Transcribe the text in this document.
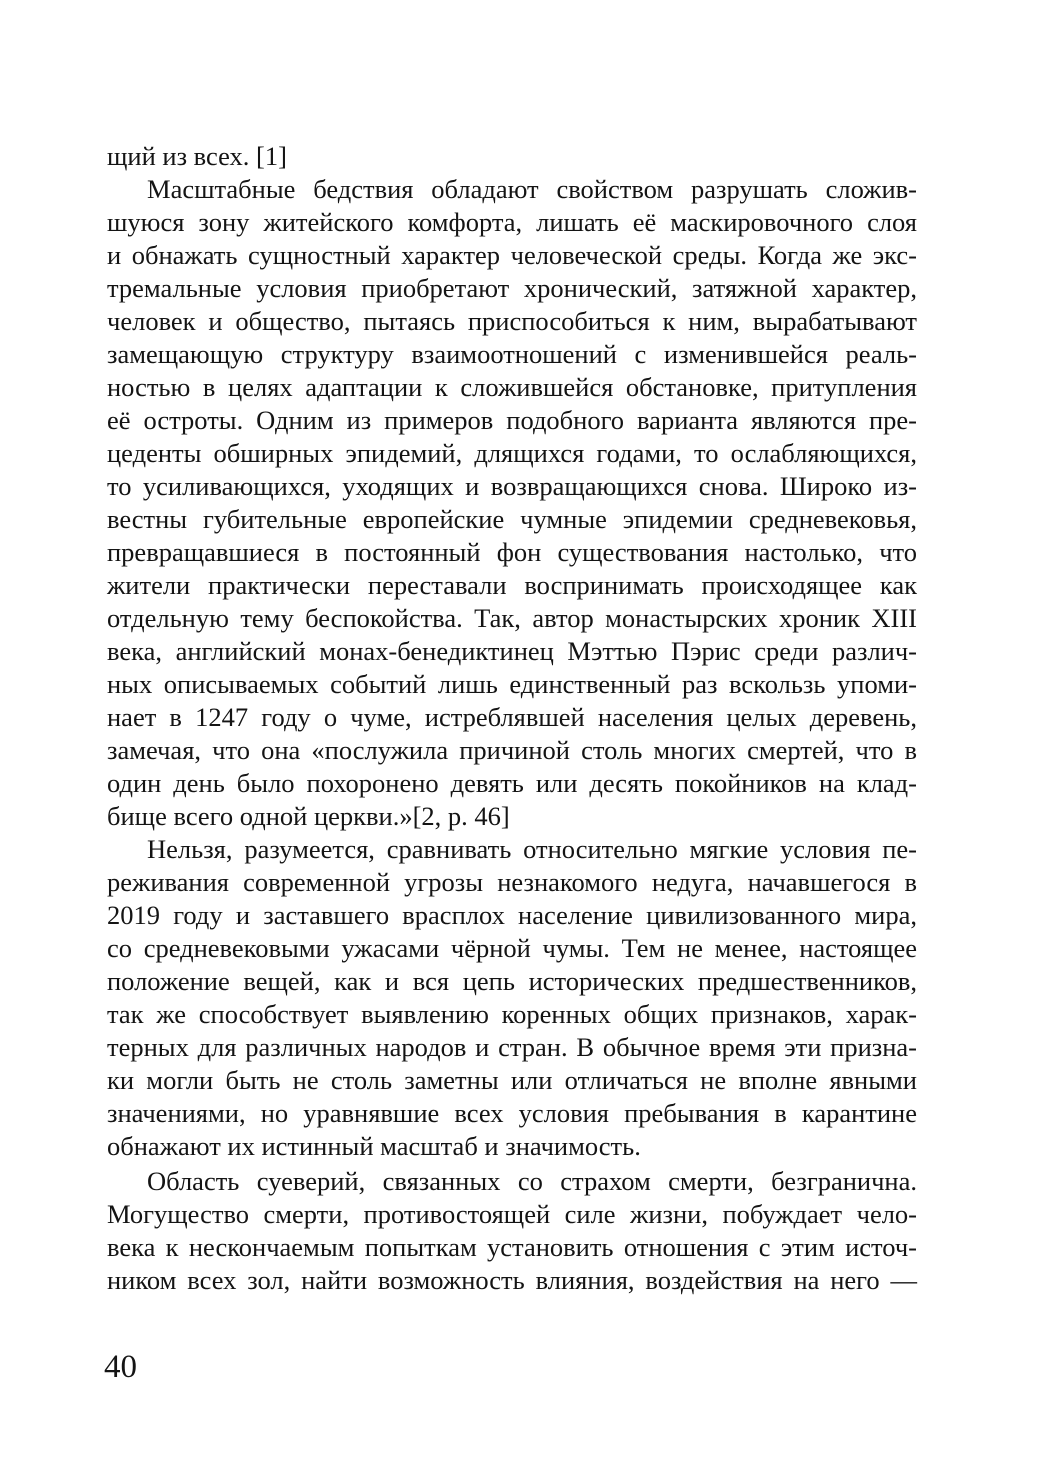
щий из всех. [1]
Масштабные бедствия обладают свойством разрушать сложив-
шуюся зону житейского комфорта, лишать её маскировочного слоя
и обнажать сущностный характер человеческой среды. Когда же экс-
тремальные условия приобретают хронический, затяжной характер,
человек и общество, пытаясь приспособиться к ним, вырабатывают
замещающую структуру взаимоотношений с изменившейся реаль-
ностью в целях адаптации к сложившейся обстановке, притупления
её остроты. Одним из примеров подобного варианта являются пре-
цеденты обширных эпидемий, длящихся годами, то ослабляющихся,
то усиливающихся, уходящих и возвращающихся снова. Широко из-
вестны губительные европейские чумные эпидемии средневековья,
превращавшиеся в постоянный фон существования настолько, что
жители практически переставали воспринимать происходящее как
отдельную тему беспокойства. Так, автор монастырских хроник XIII
века, английский монах-бенедиктинец Мэттью Пэрис среди различ-
ных описываемых событий лишь единственный раз вскользь упоми-
нает в 1247 году о чуме, истреблявшей населения целых деревень,
замечая, что она «послужила причиной столь многих смертей, что в
один день было похоронено девять или десять покойников на клад-
бище всего одной церкви.»[2, р. 46]
Нельзя, разумеется, сравнивать относительно мягкие условия пе-
реживания современной угрозы незнакомого недуга, начавшегося в
2019 году и заставшего врасплох население цивилизованного мира,
со средневековыми ужасами чёрной чумы. Тем не менее, настоящее
положение вещей, как и вся цепь исторических предшественников,
так же способствует выявлению коренных общих признаков, харак-
терных для различных народов и стран. В обычное время эти призна-
ки могли быть не столь заметны или отличаться не вполне явными
значениями, но уравнявшие всех условия пребывания в карантине
обнажают их истинный масштаб и значимость.
Область суеверий, связанных со страхом смерти, безгранична.
Могущество смерти, противостоящей силе жизни, побуждает чело-
века к нескончаемым попыткам установить отношения с этим источ-
ником всех зол, найти возможность влияния, воздействия на него —
40
